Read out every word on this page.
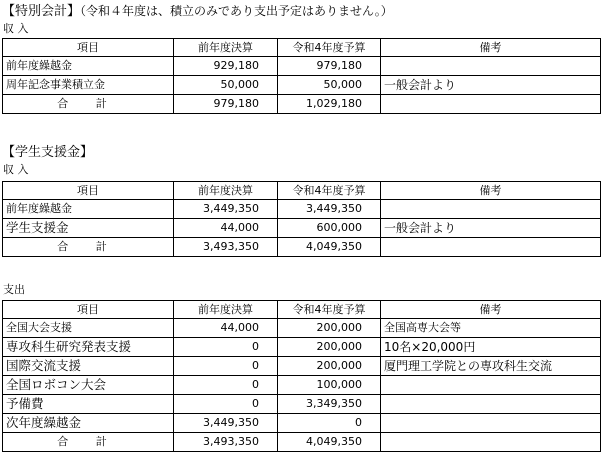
【特別会計】（令和４年度は、積立のみであり支出予定はありません。）
収 入
項目	前年度決算	令和4年度予算	備考
前年度繰越金	929,180	979,180	
周年記念事業積立金	50,000	50,000	一般会計より
合 計	979,180	1,029,180	
【学生支援金】
収 入
項目	前年度決算	令和4年度予算	備考
前年度繰越金	3,449,350	3,449,350	
学生支援金	44,000	600,000	一般会計より
合 計	3,493,350	4,049,350	
支出
項目	前年度決算	令和4年度予算	備考
全国大会支援	44,000	200,000	全国高専大会等
専攻科生研究発表支援	0	200,000	10名×20,000円
国際交流支援	0	200,000	厦門理工学院との専攻科生交流
全国ロボコン大会	0	100,000	
予備費	0	3,349,350	
次年度繰越金	3,449,350	0	
合 計	3,493,350	4,049,350	
